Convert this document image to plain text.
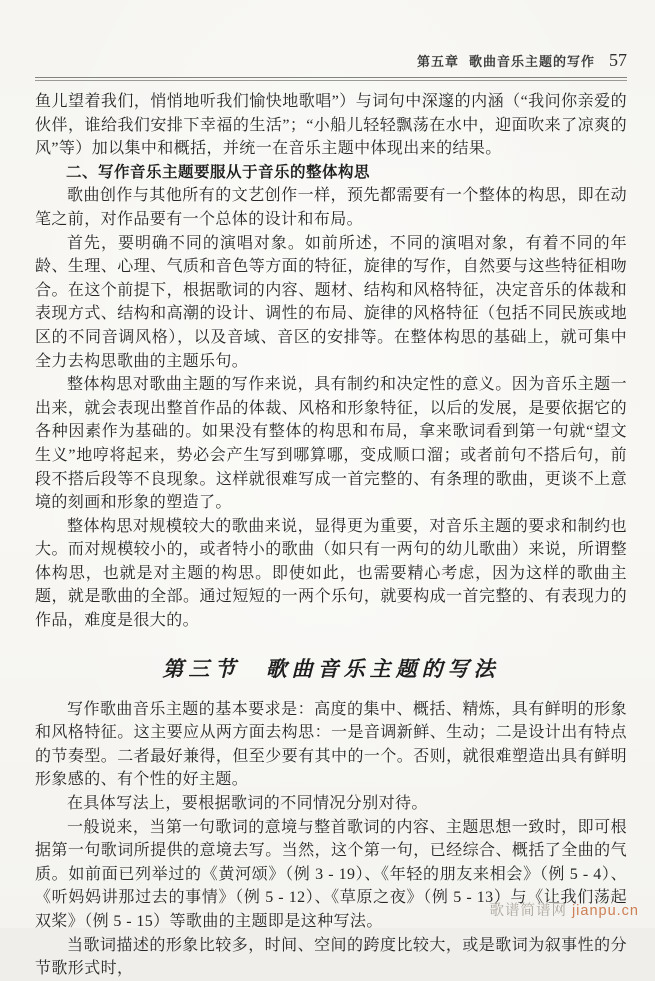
第五章 歌曲音乐主题的写作 57

鱼儿望着我们，悄悄地听我们愉快地歌唱”）与词句中深邃的内涵（“我问你亲爱的伙伴，谁给我们安排下幸福的生活”；“小船儿轻轻飘荡在水中，迎面吹来了凉爽的风”等）加以集中和概括，并统一在音乐主题中体现出来的结果。

二、写作音乐主题要服从于音乐的整体构思

歌曲创作与其他所有的文艺创作一样，预先都需要有一个整体的构思，即在动笔之前，对作品要有一个总体的设计和布局。

首先，要明确不同的演唱对象。如前所述，不同的演唱对象，有着不同的年龄、生理、心理、气质和音色等方面的特征，旋律的写作，自然要与这些特征相吻合。在这个前提下，根据歌词的内容、题材、结构和风格特征，决定音乐的体裁和表现方式、结构和高潮的设计、调性的布局、旋律的风格特征（包括不同民族或地区的不同音调风格），以及音域、音区的安排等。在整体构思的基础上，就可集中全力去构思歌曲的主题乐句。

整体构思对歌曲主题的写作来说，具有制约和决定性的意义。因为音乐主题一出来，就会表现出整首作品的体裁、风格和形象特征，以后的发展，是要依据它的各种因素作为基础的。如果没有整体的构思和布局，拿来歌词看到第一句就“望文生义”地哼将起来，势必会产生写到哪算哪，变成顺口溜；或者前句不搭后句，前段不搭后段等不良现象。这样就很难写成一首完整的、有条理的歌曲，更谈不上意境的刻画和形象的塑造了。

整体构思对规模较大的歌曲来说，显得更为重要，对音乐主题的要求和制约也大。而对规模较小的，或者特小的歌曲（如只有一两句的幼儿歌曲）来说，所谓整体构思，也就是对主题的构思。即使如此，也需要精心考虑，因为这样的歌曲主题，就是歌曲的全部。通过短短的一两个乐句，就要构成一首完整的、有表现力的作品，难度是很大的。

第三节 歌曲音乐主题的写法

写作歌曲音乐主题的基本要求是：高度的集中、概括、精炼，具有鲜明的形象和风格特征。这主要应从两方面去构思：一是音调新鲜、生动；二是设计出有特点的节奏型。二者最好兼得，但至少要有其中的一个。否则，就很难塑造出具有鲜明形象感的、有个性的好主题。

在具体写法上，要根据歌词的不同情况分别对待。

一般说来，当第一句歌词的意境与整首歌词的内容、主题思想一致时，即可根据第一句歌词所提供的意境去写。当然，这个第一句，已经综合、概括了全曲的气质。如前面已列举过的《黄河颂》（例 3 - 19）、《年轻的朋友来相会》（例 5 - 4）、《听妈妈讲那过去的事情》（例 5 - 12）、《草原之夜》（例 5 - 13）与《让我们荡起双桨》（例 5 - 15）等歌曲的主题即是这种写法。

当歌词描述的形象比较多，时间、空间的跨度比较大，或是歌词为叙事性的分节歌形式时，

歌谱简谱网 jianpu.cn
